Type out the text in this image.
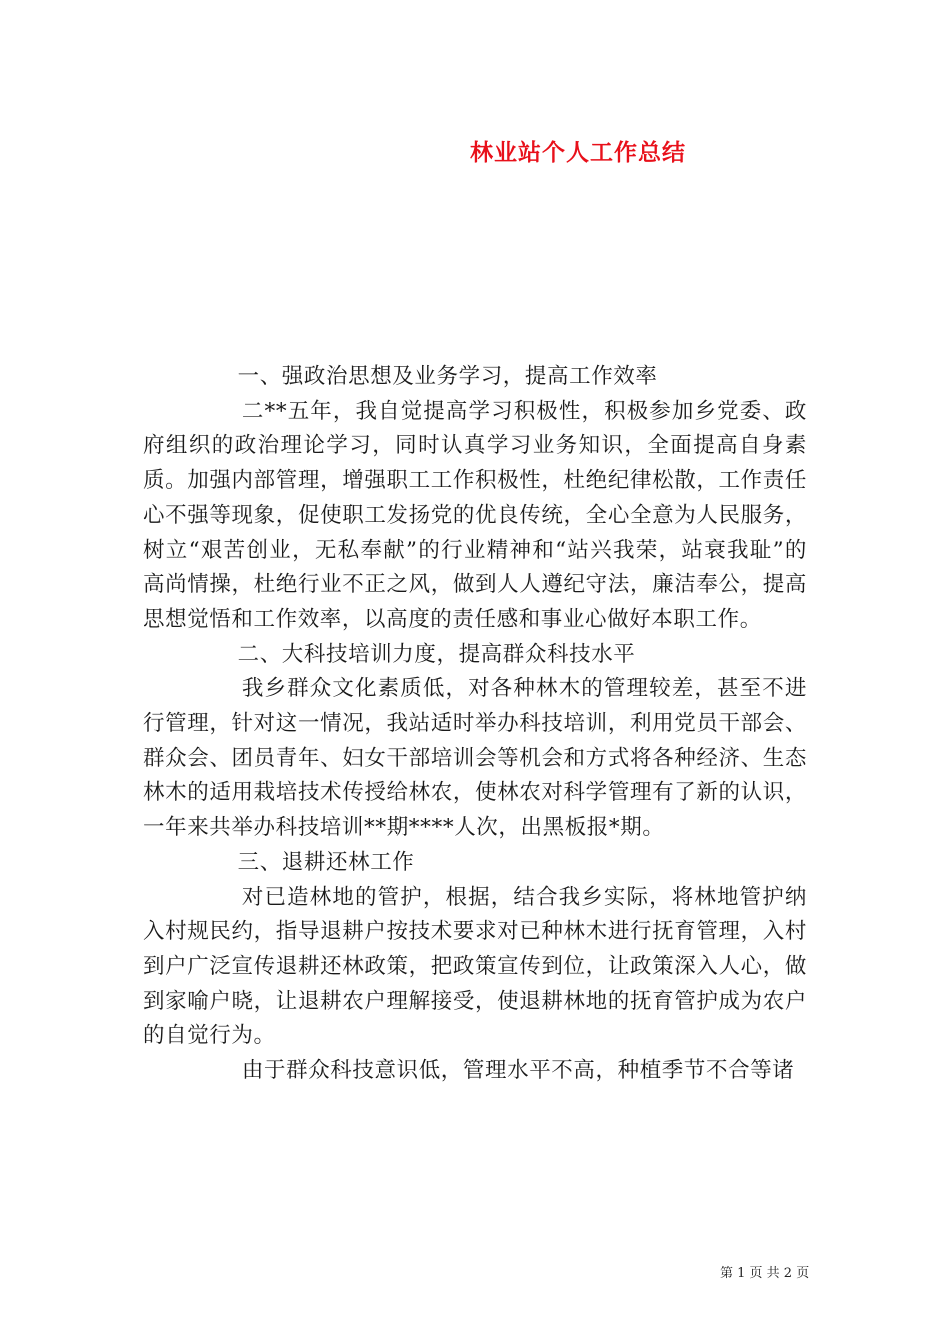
林业站个人工作总结

一、强政治思想及业务学习，提高工作效率

二**五年，我自觉提高学习积极性，积极参加乡党委、政府组织的政治理论学习，同时认真学习业务知识，全面提高自身素质。加强内部管理，增强职工工作积极性，杜绝纪律松散，工作责任心不强等现象，促使职工发扬党的优良传统，全心全意为人民服务，树立“艰苦创业，无私奉献”的行业精神和“站兴我荣，站衰我耻”的高尚情操，杜绝行业不正之风，做到人人遵纪守法，廉洁奉公，提高思想觉悟和工作效率，以高度的责任感和事业心做好本职工作。

二、大科技培训力度，提高群众科技水平

我乡群众文化素质低，对各种林木的管理较差，甚至不进行管理，针对这一情况，我站适时举办科技培训，利用党员干部会、群众会、团员青年、妇女干部培训会等机会和方式将各种经济、生态林木的适用栽培技术传授给林农，使林农对科学管理有了新的认识，一年来共举办科技培训**期****人次，出黑板报*期。

三、退耕还林工作

对已造林地的管护，根据，结合我乡实际，将林地管护纳入村规民约，指导退耕户按技术要求对已种林木进行抚育管理，入村到户广泛宣传退耕还林政策，把政策宣传到位，让政策深入人心，做到家喻户晓，让退耕农户理解接受，使退耕林地的抚育管护成为农户的自觉行为。

由于群众科技意识低，管理水平不高，种植季节不合等诸

第 1 页 共 2 页
